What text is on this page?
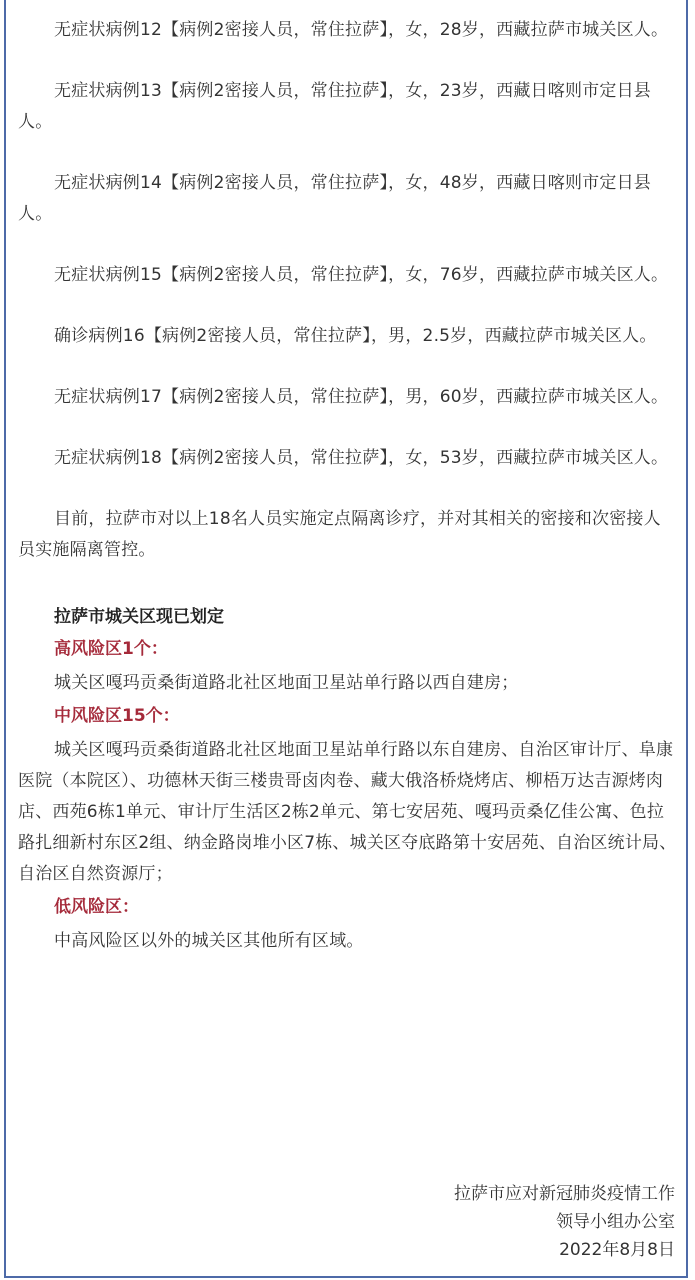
无症状病例12【病例2密接人员，常住拉萨】，女，28岁，西藏拉萨市城关区人。

无症状病例13【病例2密接人员，常住拉萨】，女，23岁，西藏日喀则市定日县人。

无症状病例14【病例2密接人员，常住拉萨】，女，48岁，西藏日喀则市定日县人。

无症状病例15【病例2密接人员，常住拉萨】，女，76岁，西藏拉萨市城关区人。

确诊病例16【病例2密接人员，常住拉萨】，男，2.5岁，西藏拉萨市城关区人。

无症状病例17【病例2密接人员，常住拉萨】，男，60岁，西藏拉萨市城关区人。

无症状病例18【病例2密接人员，常住拉萨】，女，53岁，西藏拉萨市城关区人。

目前，拉萨市对以上18名人员实施定点隔离诊疗，并对其相关的密接和次密接人员实施隔离管控。

拉萨市城关区现已划定

高风险区1个：

城关区嘎玛贡桑街道路北社区地面卫星站单行路以西自建房；

中风险区15个：

城关区嘎玛贡桑街道路北社区地面卫星站单行路以东自建房、自治区审计厅、阜康医院（本院区）、功德林天街三楼贵哥卤肉卷、藏大俄洛桥烧烤店、柳梧万达吉源烤肉店、西苑6栋1单元、审计厅生活区2栋2单元、第七安居苑、嘎玛贡桑亿佳公寓、色拉路扎细新村东区2组、纳金路岗堆小区7栋、城关区夺底路第十安居苑、自治区统计局、自治区自然资源厅；

低风险区：

中高风险区以外的城关区其他所有区域。

拉萨市应对新冠肺炎疫情工作
领导小组办公室
2022年8月8日
